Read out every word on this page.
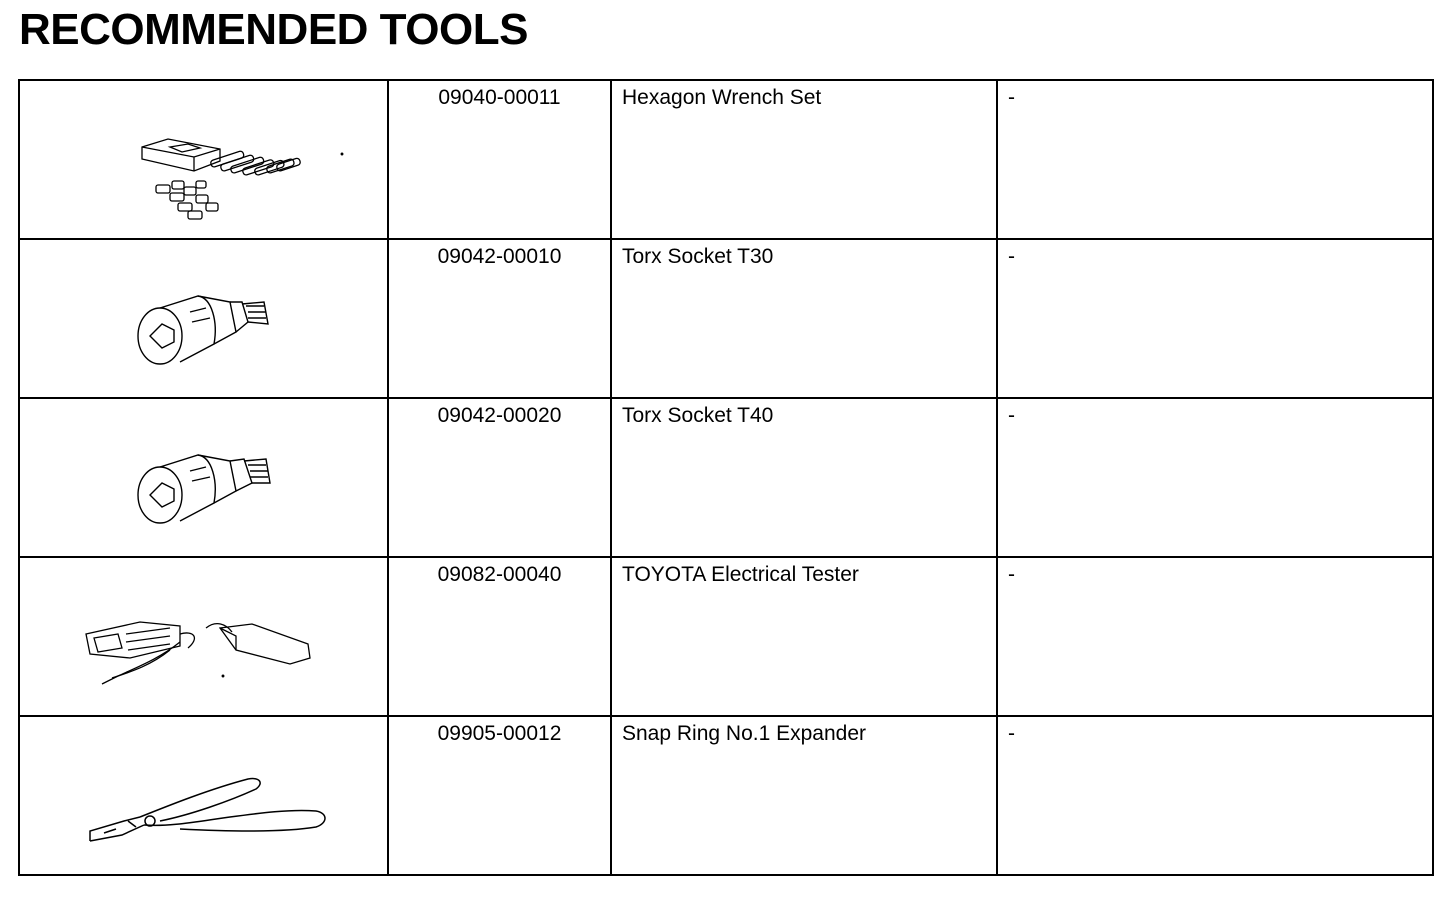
RECOMMENDED TOOLS

09040-00011	Hexagon Wrench Set	-

09042-00010	Torx Socket T30	-

09042-00020	Torx Socket T40	-

09082-00040	TOYOTA Electrical Tester	-

09905-00012	Snap Ring No.1 Expander	-
